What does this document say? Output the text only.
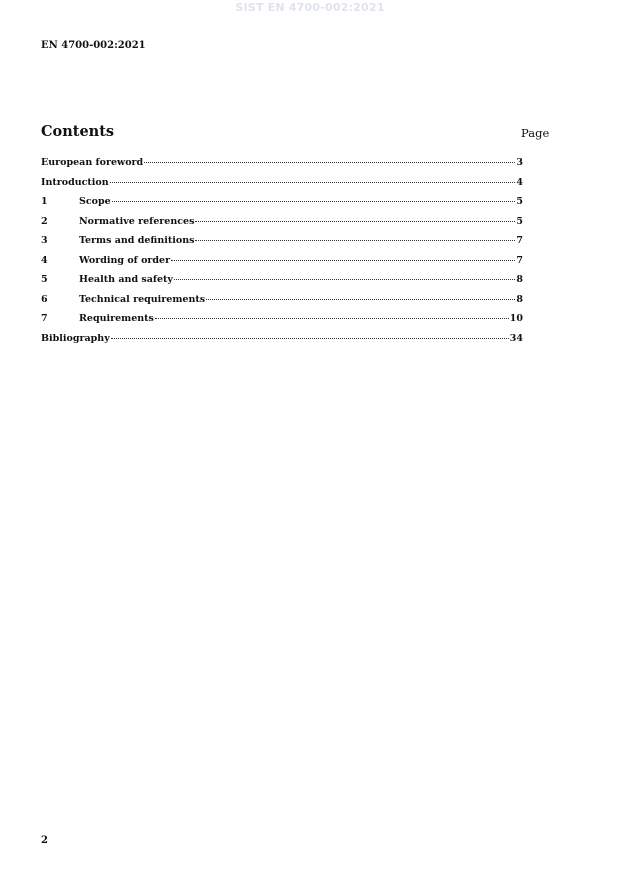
SIST EN 4700-002:2021
EN 4700-002:2021
Contents	Page
European foreword	3
Introduction	4
1	Scope	5
2	Normative references	5
3	Terms and definitions	7
4	Wording of order	7
5	Health and safety	8
6	Technical requirements	8
7	Requirements	10
Bibliography	34
2
